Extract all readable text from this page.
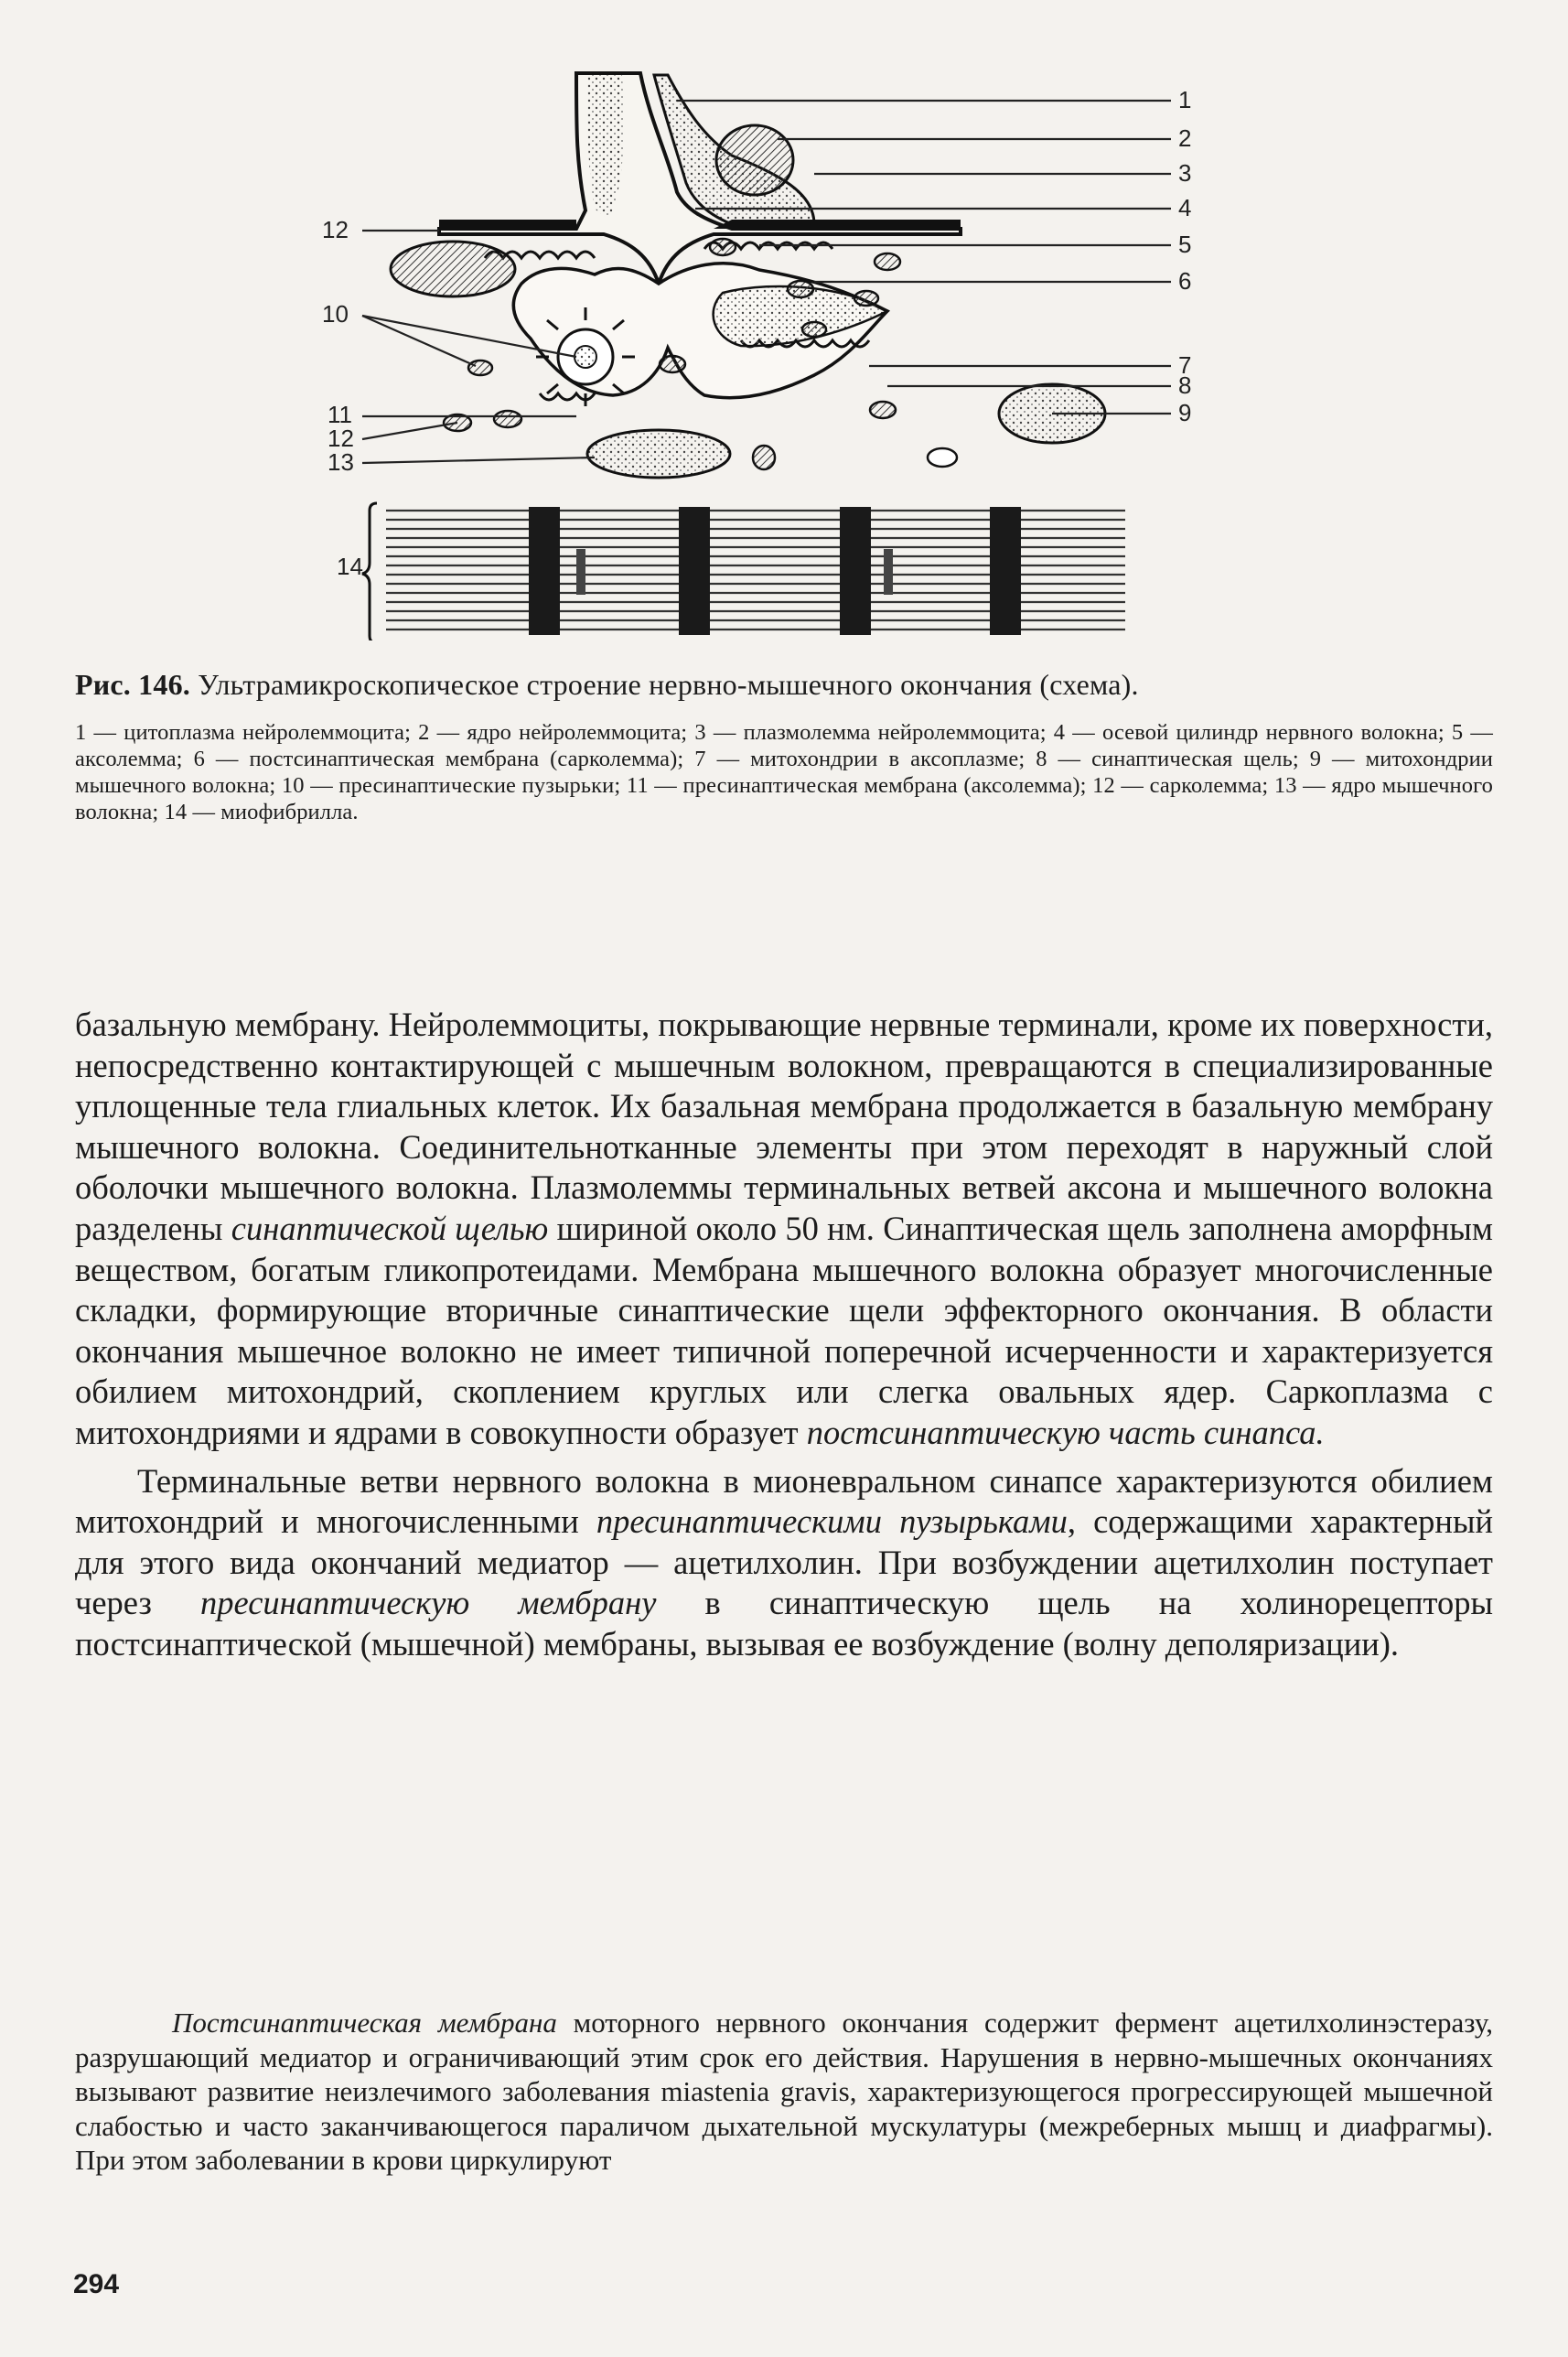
1
2
3
4
5
6
7
8
9
12
10
11
12
13
14

Рис. 146. Ультрамикроскопическое строение нервно-мышечного окончания (схема).

1 — цитоплазма нейролеммоцита; 2 — ядро нейролеммоцита; 3 — плазмолемма нейролеммоцита; 4 — осевой цилиндр нервного волокна; 5 — аксолемма; 6 — постсинаптическая мембрана (сарколемма); 7 — митохондрии в аксоплазме; 8 — синаптическая щель; 9 — митохондрии мышечного волокна; 10 — пресинаптические пузырьки; 11 — пресинаптическая мембрана (аксолемма); 12 — сарколемма; 13 — ядро мышечного волокна; 14 — миофибрилла.

базальную мембрану. Нейролеммоциты, покрывающие нервные терминали, кроме их поверхности, непосредственно контактирующей с мышечным волокном, превращаются в специализированные уплощенные тела глиальных клеток. Их базальная мембрана продолжается в базальную мембрану мышечного волокна. Соединительнотканные элементы при этом переходят в наружный слой оболочки мышечного волокна. Плазмолеммы терминальных ветвей аксона и мышечного волокна разделены синаптической щелью шириной около 50 нм. Синаптическая щель заполнена аморфным веществом, богатым гликопротеидами. Мембрана мышечного волокна образует многочисленные складки, формирующие вторичные синаптические щели эффекторного окончания. В области окончания мышечное волокно не имеет типичной поперечной исчерченности и характеризуется обилием митохондрий, скоплением круглых или слегка овальных ядер. Саркоплазма с митохондриями и ядрами в совокупности образует постсинаптическую часть синапса.

Терминальные ветви нервного волокна в мионевральном синапсе характеризуются обилием митохондрий и многочисленными пресинаптическими пузырьками, содержащими характерный для этого вида окончаний медиатор — ацетилхолин. При возбуждении ацетилхолин поступает через пресинаптическую мембрану в синаптическую щель на холинорецепторы постсинаптической (мышечной) мембраны, вызывая ее возбуждение (волну деполяризации).

Постсинаптическая мембрана моторного нервного окончания содержит фермент ацетилхолинэстеразу, разрушающий медиатор и ограничивающий этим срок его действия. Нарушения в нервно-мышечных окончаниях вызывают развитие неизлечимого заболевания miastenia gravis, характеризующегося прогрессирующей мышечной слабостью и часто заканчивающегося параличом дыхательной мускулатуры (межреберных мышц и диафрагмы). При этом заболевании в крови циркулируют

294
